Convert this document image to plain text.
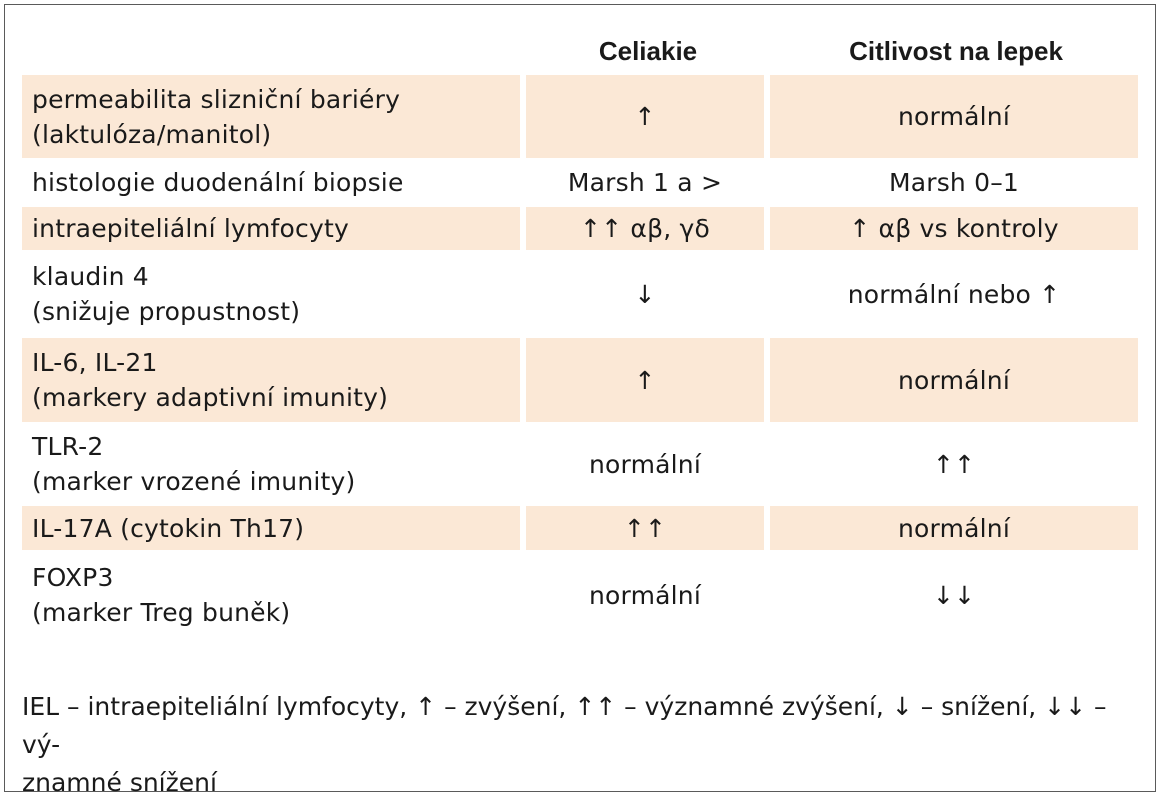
Celiakie	Citlivost na lepek
permeabilita slizniční bariéry
(laktulóza/manitol)
↑	normální
histologie duodenální biopsie	Marsh 1 a >	Marsh 0–1
intraepiteliální lymfocyty	↑↑ αβ, γδ	↑ αβ vs kontroly
klaudin 4
(snižuje propustnost)
↓	normální nebo ↑
IL-6, IL-21
(markery adaptivní imunity)
↑	normální
TLR-2
(marker vrozené imunity)
normální	↑↑
IL-17A (cytokin Th17)	↑↑	normální
FOXP3
(marker Treg buněk)
normální	↓↓
IEL – intraepiteliální lymfocyty, ↑ – zvýšení, ↑↑ – významné zvýšení, ↓ – snížení, ↓↓ – vý-
znamné snížení
